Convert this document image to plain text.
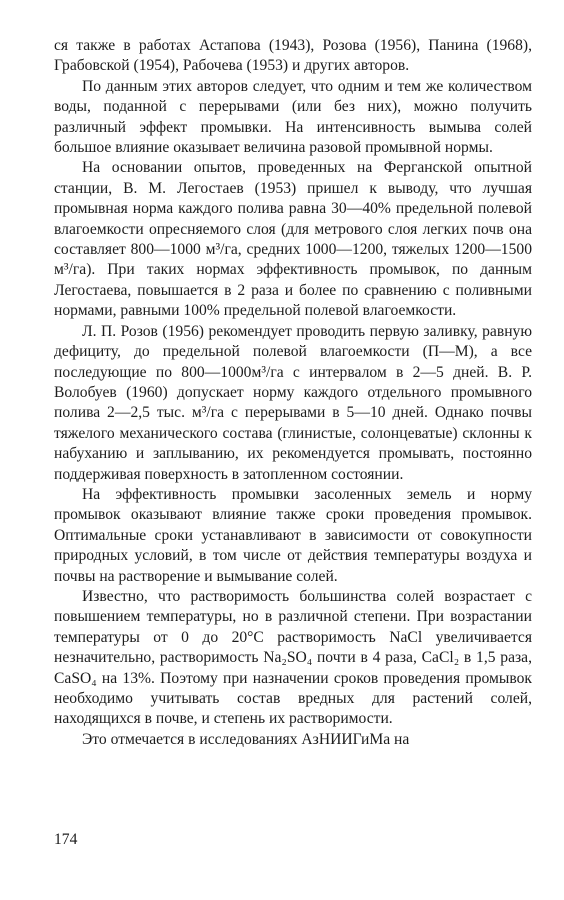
ся также в работах Астапова (1943), Розова (1956), Панина (1968), Грабовской (1954), Рабочева (1953) и других авторов.

По данным этих авторов следует, что одним и тем же количеством воды, поданной с перерывами (или без них), можно получить различный эффект промывки. На интенсивность вымыва солей большое влияние оказывает величина разовой промывной нормы.

На основании опытов, проведенных на Ферганской опытной станции, В. М. Легостаев (1953) пришел к выводу, что лучшая промывная норма каждого полива равна 30—40% предельной полевой влагоемкости опресняемого слоя (для метрового слоя легких почв она составляет 800—1000 м³/га, средних 1000—1200, тяжелых 1200—1500 м³/га). При таких нормах эффективность промывок, по данным Легостаева, повышается в 2 раза и более по сравнению с поливными нормами, равными 100% предельной полевой влагоемкости.

Л. П. Розов (1956) рекомендует проводить первую заливку, равную дефициту, до предельной полевой влагоемкости (П—М), а все последующие по 800—1000м³/га с интервалом в 2—5 дней. В. Р. Волобуев (1960) допускает норму каждого отдельного промывного полива 2—2,5 тыс. м³/га с перерывами в 5—10 дней. Однако почвы тяжелого механического состава (глинистые, солонцеватые) склонны к набуханию и заплыванию, их рекомендуется промывать, постоянно поддерживая поверхность в затопленном состоянии.

На эффективность промывки засоленных земель и норму промывок оказывают влияние также сроки проведения промывок. Оптимальные сроки устанавливают в зависимости от совокупности природных условий, в том числе от действия температуры воздуха и почвы на растворение и вымывание солей.

Известно, что растворимость большинства солей возрастает с повышением температуры, но в различной степени. При возрастании температуры от 0 до 20°C растворимость NaCl увеличивается незначительно, растворимость Na₂SO₄ почти в 4 раза, CaCl₂ в 1,5 раза, CaSO₄ на 13%. Поэтому при назначении сроков проведения промывок необходимо учитывать состав вредных для растений солей, находящихся в почве, и степень их растворимости.

Это отмечается в исследованиях АзНИИГиМа на

174
